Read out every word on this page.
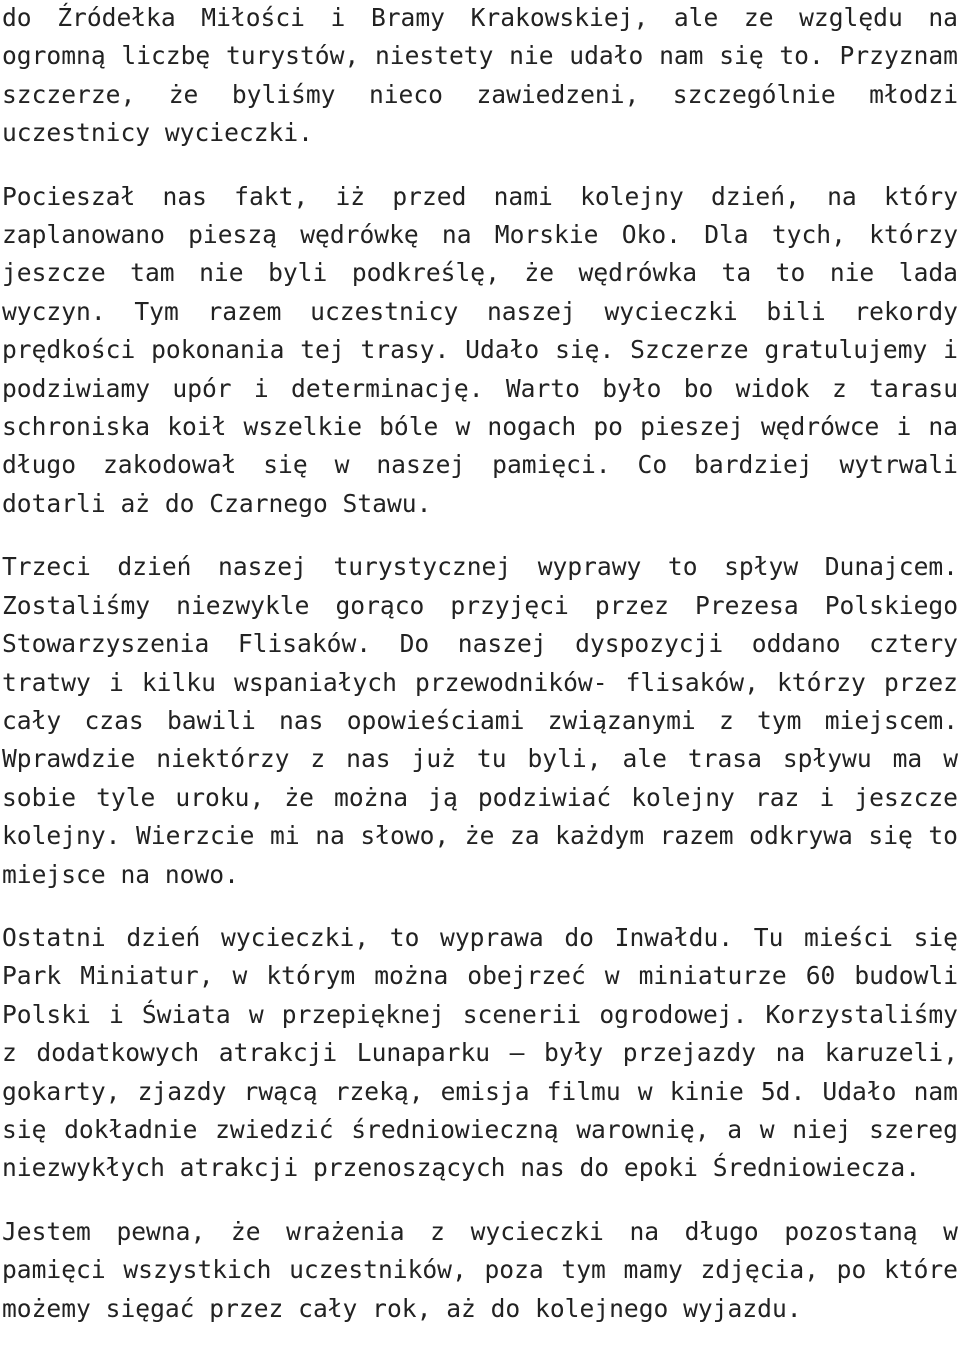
do Źródełka Miłości i Bramy Krakowskiej, ale ze względu na ogromną liczbę turystów, niestety nie udało nam się to. Przyznam szczerze, że byliśmy nieco zawiedzeni, szczególnie młodzi uczestnicy wycieczki.

Pocieszał nas fakt, iż przed nami kolejny dzień, na który zaplanowano pieszą wędrówkę na Morskie Oko. Dla tych, którzy jeszcze tam nie byli podkreślę, że wędrówka ta to nie lada wyczyn. Tym razem uczestnicy naszej wycieczki bili rekordy prędkości pokonania tej trasy. Udało się. Szczerze gratulujemy i podziwiamy upór i determinację. Warto było bo widok z tarasu schroniska koił wszelkie bóle w nogach po pieszej wędrówce i na długo zakodował się w naszej pamięci. Co bardziej wytrwali dotarli aż do Czarnego Stawu.

Trzeci dzień naszej turystycznej wyprawy to spływ Dunajcem. Zostaliśmy niezwykle gorąco przyjęci przez Prezesa Polskiego Stowarzyszenia Flisaków. Do naszej dyspozycji oddano cztery tratwy i kilku wspaniałych przewodników- flisaków, którzy przez cały czas bawili nas opowieściami związanymi z tym miejscem. Wprawdzie niektórzy z nas już tu byli, ale trasa spływu ma w sobie tyle uroku, że można ją podziwiać kolejny raz i jeszcze kolejny. Wierzcie mi na słowo, że za każdym razem odkrywa się to miejsce na nowo.

Ostatni dzień wycieczki, to wyprawa do Inwałdu. Tu mieści się Park Miniatur, w którym można obejrzeć w miniaturze 60 budowli Polski i Świata w przepięknej scenerii ogrodowej. Korzystaliśmy z dodatkowych atrakcji Lunaparku – były przejazdy na karuzeli, gokarty, zjazdy rwącą rzeką, emisja filmu w kinie 5d. Udało nam się dokładnie zwiedzić średniowieczną warownię, a w niej szereg niezwykłych atrakcji przenoszących nas do epoki Średniowiecza.

Jestem pewna, że wrażenia z wycieczki na długo pozostaną w pamięci wszystkich uczestników, poza tym mamy zdjęcia, po które możemy sięgać przez cały rok, aż do kolejnego wyjazdu.
